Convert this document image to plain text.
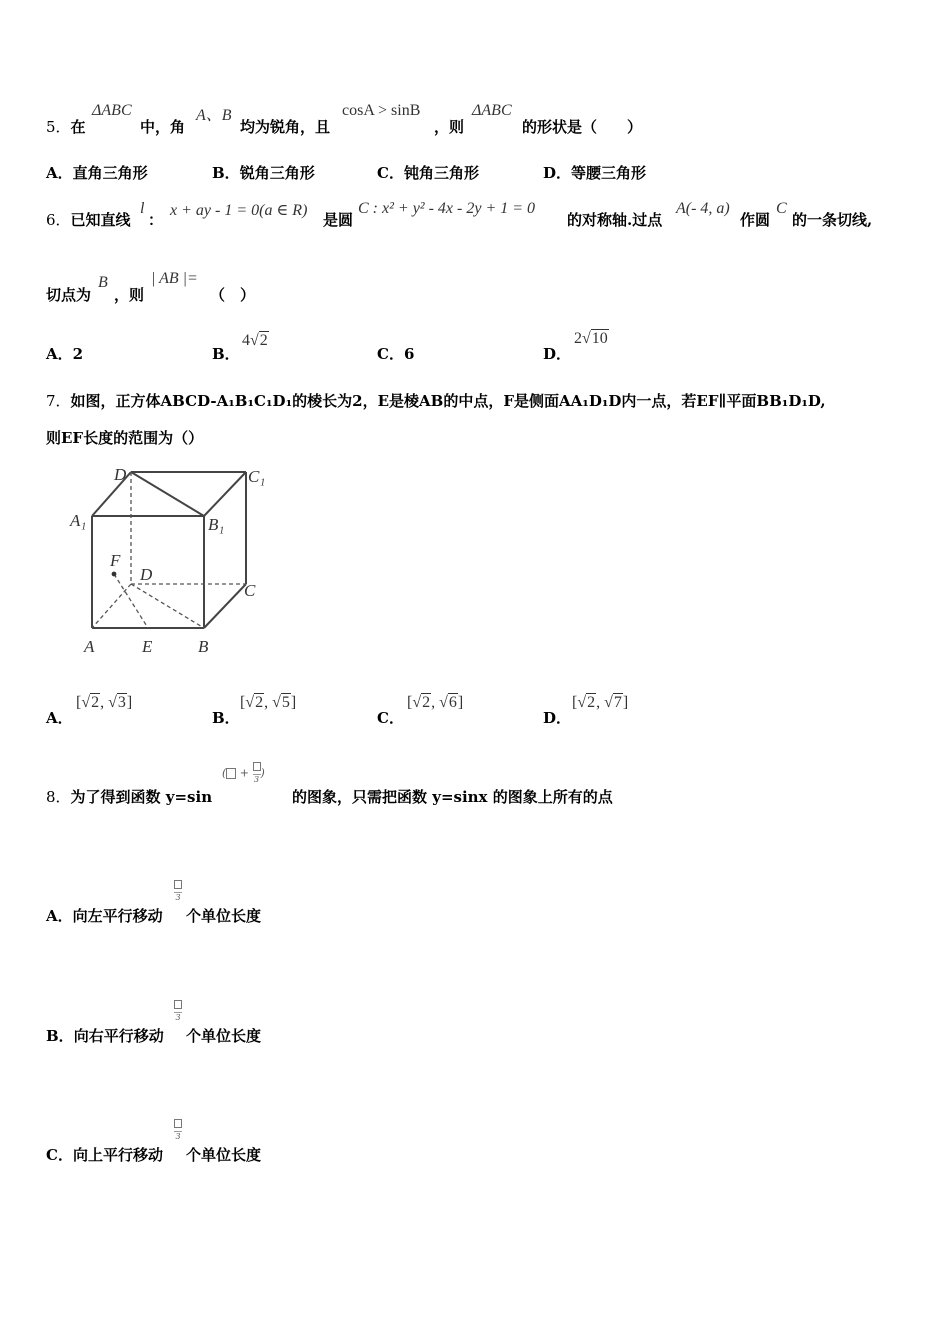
5．在
ΔABC
中，角
A、B
均为锐角，且
cosA > sinB
，则
ΔABC
的形状是（　　）
A．直角三角形	B．锐角三角形	C．钝角三角形	D．等腰三角形
6．已知直线
l
：
x + ay - 1 = 0(a ∈ R)
是圆
C : x² + y² - 4x - 2y + 1 = 0
的对称轴.过点
A(- 4, a)
作圆
C
的一条切线,
切点为
B
，则
| AB |=
（　）
A．2	B．
4√2
C．6	D．
2√10
7．如图，正方体ABCD-A₁B₁C₁D₁的棱长为2，E是棱AB的中点，F是侧面AA₁D₁D内一点，若EF∥平面BB₁D₁D,
则EF长度的范围为（）
D	C₁
A₁	B₁
F
D
C
A	E	B
A．
[√2, √3]
B．
[√2, √5]
C．
[√2, √6]
D．
[√2, √7]
8．为了得到函数 y=sin
( + 3 )
的图象，只需把函数 y=sinx 的图象上所有的点
A．向左平行移动
3
个单位长度
B．向右平行移动
3
个单位长度
C．向上平行移动
3
个单位长度
